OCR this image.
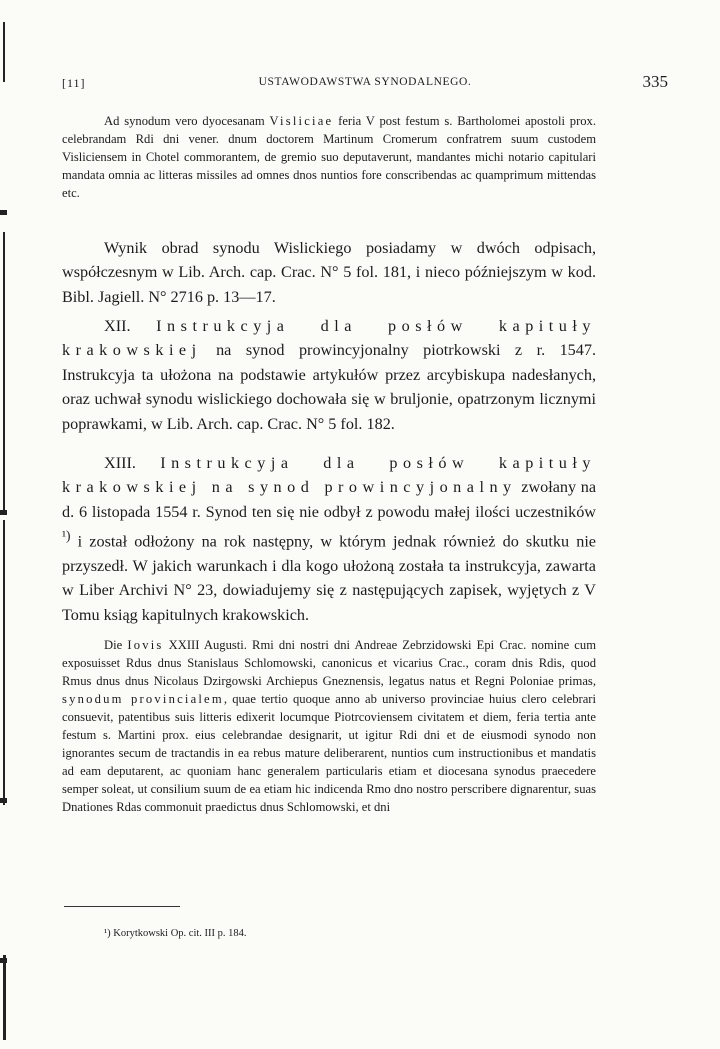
[11]	USTAWODAWSTWA SYNODALNEGO.	335

Ad synodum vero dyocesanam Visliciae feria V post festum s. Bartholomei apostoli prox. celebrandam Rdi dni vener. dnum doctorem Martinum Cromerum confratrem suum custodem Visliciensem in Chotel commorantem, de gremio suo deputaverunt, mandantes michi notario capitulari mandata omnia ac litteras missiles ad omnes dnos nuntios fore conscribendas ac quamprimum mittendas etc.

Wynik obrad synodu Wislickiego posiadamy w dwóch odpisach, współczesnym w Lib. Arch. cap. Crac. N° 5 fol. 181, i nieco późniejszym w kod. Bibl. Jagiell. N° 2716 p. 13—17.

XII. Instrukcyja dla posłów kapituły krakowskiej na synod prowincyjonalny piotrkowski z r. 1547. Instrukcyja ta ułożona na podstawie artykułów przez arcybiskupa nadesłanych, oraz uchwał synodu wislickiego dochowała się w bruljonie, opatrzonym licznymi poprawkami, w Lib. Arch. cap. Crac. N° 5 fol. 182.

XIII. Instrukcyja dla posłów kapituły krakowskiej na synod prowincyjonalny zwołany na d. 6 listopada 1554 r. Synod ten się nie odbył z powodu małej ilości uczestników $^{^1)}$ i został odłożony na rok następny, w którym jednak również do skutku nie przyszedł. W jakich warunkach i dla kogo ułożoną została ta instrukcyja, zawarta w Liber Archivi N° 23, dowiadujemy się z następujących zapisek, wyjętych z V Tomu ksiąg kapitulnych krakowskich.

Die Iovis XXIII Augusti. Rmi dni nostri dni Andreae Zebrzidowski Epi Crac. nomine cum exposuisset Rdus dnus Stanislaus Schlomowski, canonicus et vicarius Crac., coram dnis Rdis, quod Rmus dnus dnus Nicolaus Dzirgowski Archiepus Gneznensis, legatus natus et Regni Poloniae primas, synodum provincialem, quae tertio quoque anno ab universo provinciae huius clero celebrari consuevit, patentibus suis litteris edixerit locumque Piotrcoviensem civitatem et diem, feria tertia ante festum s. Martini prox. eius celebrandae designarit, ut igitur Rdi dni et de eiusmodi synodo non ignorantes secum de tractandis in ea rebus mature deliberarent, nuntios cum instructionibus et mandatis ad eam deputarent, ac quoniam hanc generalem particularis etiam et diocesana synodus praecedere semper soleat, ut consilium suum de ea etiam hic indicenda Rmo dno nostro perscribere dignarentur, suas Dnationes Rdas commonuit praedictus dnus Schlomowski, et dni

¹) Korytkowski Op. cit. III p. 184.
